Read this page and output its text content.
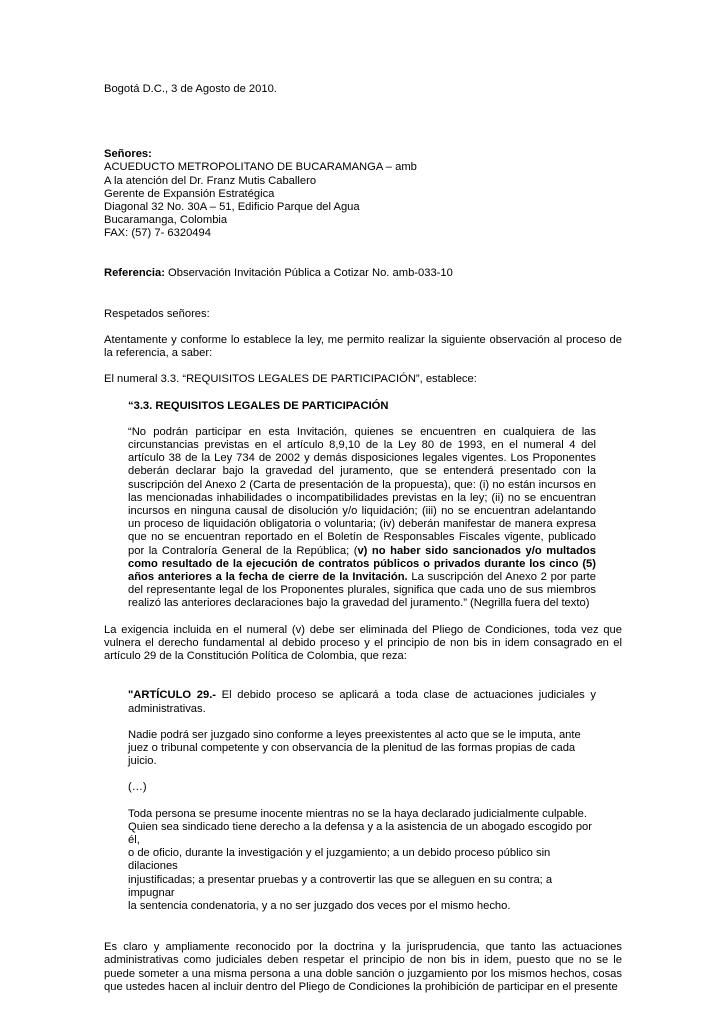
Bogotá D.C., 3 de Agosto de 2010.

Señores:

ACUEDUCTO METROPOLITANO DE BUCARAMANGA – amb

A la atención del Dr. Franz Mutis Caballero

Gerente de Expansión Estratégica

Diagonal 32 No. 30A – 51, Edificio Parque del Agua

Bucaramanga, Colombia

FAX: (57) 7- 6320494

Referencia: Observación Invitación Pública a Cotizar No. amb-033-10

Respetados señores:

Atentamente y conforme lo establece la ley, me permito realizar la siguiente observación al proceso de la referencia, a saber:

El numeral 3.3. “REQUISITOS LEGALES DE PARTICIPACIÓN”, establece:

“3.3. REQUISITOS LEGALES DE PARTICIPACIÓN

“No podrán participar en esta Invitación, quienes se encuentren en cualquiera de las circunstancias previstas en el artículo 8,9,10 de la Ley 80 de 1993, en el numeral 4 del artículo 38 de la Ley 734 de 2002 y demás disposiciones legales vigentes. Los Proponentes deberán declarar bajo la gravedad del juramento, que se entenderá presentado con la suscripción del Anexo 2 (Carta de presentación de la propuesta), que: (i) no están incursos en las mencionadas inhabilidades o incompatibilidades previstas en la ley; (ii) no se encuentran incursos en ninguna causal de disolución y/o liquidación; (iii) no se encuentran adelantando un proceso de liquidación obligatoria o voluntaria; (iv) deberán manifestar de manera expresa que no se encuentran reportado en el Boletín de Responsables Fiscales vigente, publicado por la Contraloría General de la República; (v) no haber sido sancionados y/o multados como resultado de la ejecución de contratos públicos o privados durante los cinco (5) años anteriores a la fecha de cierre de la Invitación. La suscripción del Anexo 2 por parte del representante legal de los Proponentes plurales, significa que cada uno de sus miembros realizó las anteriores declaraciones bajo la gravedad del juramento.” (Negrilla fuera del texto)

La exigencia incluida en el numeral (v) debe ser eliminada del Pliego de Condiciones, toda vez que vulnera el derecho fundamental al debido proceso y el principio de non bis in idem consagrado en el artículo 29 de la Constitución Política de Colombia, que reza:

"ARTÍCULO 29.- El debido proceso se aplicará a toda clase de actuaciones judiciales y administrativas.

Nadie podrá ser juzgado sino conforme a leyes preexistentes al acto que se le imputa, ante juez o tribunal competente y con observancia de la plenitud de las formas propias de cada juicio.

(…)

Toda persona se presume inocente mientras no se la haya declarado judicialmente culpable.
Quien sea sindicado tiene derecho a la defensa y a la asistencia de un abogado escogido por él,
o de oficio, durante la investigación y el juzgamiento; a un debido proceso público sin dilaciones
injustificadas; a presentar pruebas y a controvertir las que se alleguen en su contra; a impugnar
la sentencia condenatoria, y a no ser juzgado dos veces por el mismo hecho.

Es claro y ampliamente reconocido por la doctrina y la jurisprudencia, que tanto las actuaciones administrativas como judiciales deben respetar el principio de non bis in idem, puesto que no se le puede someter a una misma persona a una doble sanción o juzgamiento por los mismos hechos, cosas que ustedes hacen al incluir dentro del Pliego de Condiciones la prohibición de participar en el presente
